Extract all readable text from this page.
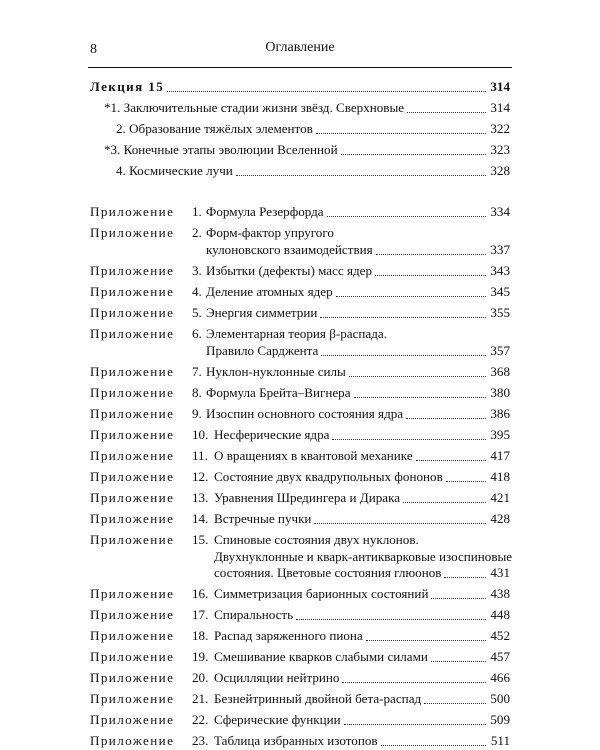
8	Оглавление
Лекция 15	314
*1. Заключительные стадии жизни звёзд. Сверхновые	314
2. Образование тяжёлых элементов	322
*3. Конечные этапы эволюции Вселенной	323
4. Космические лучи	328
Приложение 1. Формула Резерфорда	334
Приложение 2. Форм-фактор упругого
кулоновского взаимодействия	337
Приложение 3. Избытки (дефекты) масс ядер	343
Приложение 4. Деление атомных ядер	345
Приложение 5. Энергия симметрии	355
Приложение 6. Элементарная теория β-распада.
Правило Сарджента	357
Приложение 7. Нуклон-нуклонные силы	368
Приложение 8. Формула Брейта–Вигнера	380
Приложение 9. Изоспин основного состояния ядра	386
Приложение 10. Несферические ядра	395
Приложение 11. О вращениях в квантовой механике	417
Приложение 12. Состояние двух квадрупольных фононов	418
Приложение 13. Уравнения Шредингера и Дирака	421
Приложение 14. Встречные пучки	428
Приложение 15. Спиновые состояния двух нуклонов.
Двухнуклонные и кварк-антикварковые изоспиновые
состояния. Цветовые состояния глюонов	431
Приложение 16. Симметризация барионных состояний	438
Приложение 17. Спиральность	448
Приложение 18. Распад заряженного пиона	452
Приложение 19. Смешивание кварков слабыми силами	457
Приложение 20. Осцилляции нейтрино	466
Приложение 21. Безнейтринный двойной бета-распад	500
Приложение 22. Сферические функции	509
Приложение 23. Таблица избранных изотопов	511
